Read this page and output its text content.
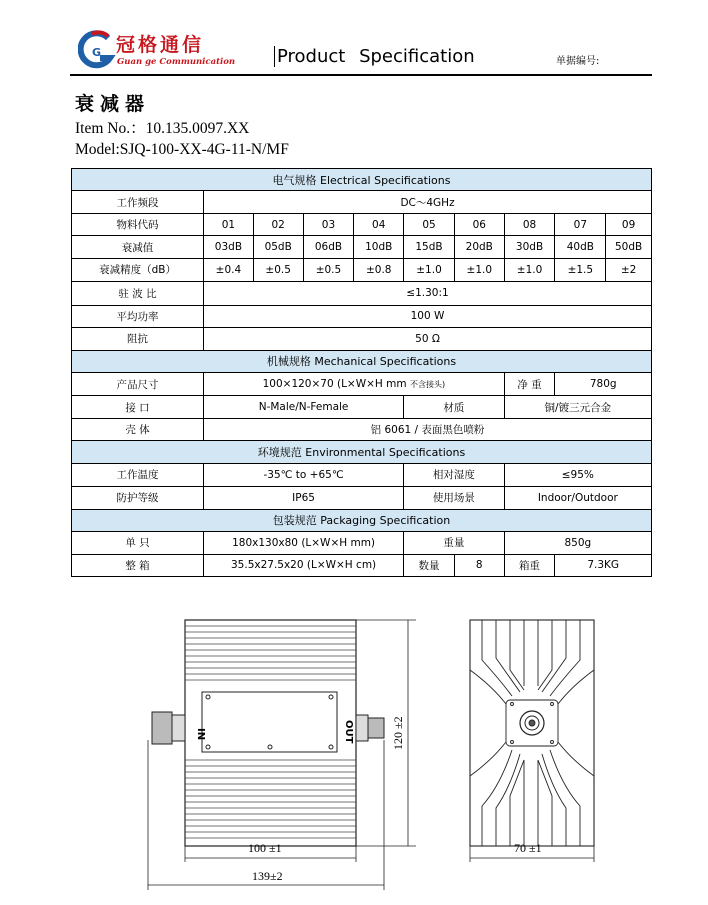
G 冠格通信
Guan ge Communication Product Specification	单据编号:
衰减器
Item No.：10.135.0097.XX
Model:SJQ-100-XX-4G-11-N/MF
电气规格 Electrical Specifications									
工作频段	DC～4GHz								
物料代码	01	02	03	04	05	06	08	07	09
衰减值	03dB	05dB	06dB	10dB	15dB	20dB	30dB	40dB	50dB
衰减精度（dB）	±0.4	±0.5	±0.5	±0.8	±1.0	±1.0	±1.0	±1.5	±2
驻 波 比	≤1.30:1								
平均功率	100 W								
阻抗	50 Ω								
机械规格 Mechanical Specifications									
产品尺寸	100×120×70 (L×W×H mm 不含接头)						净 重	780g	
接 口	N-Male/N-Female				材质		铜/镀三元合金		
壳 体	铝 6061 / 表面黑色喷粉								
环境规范 Environmental Specifications									
工作温度	-35℃ to +65℃				相对湿度		≤95%		
防护等级	IP65				使用场景		Indoor/Outdoor		
包装规范 Packaging Specification									
单 只	180x130x80 (L×W×H mm)				重量		850g		
整 箱	35.5x27.5x20 (L×W×H cm)				数量	8	箱重	7.3KG	
IN	OUT
100 ±1
139±2
120 ±2
70 ±1
